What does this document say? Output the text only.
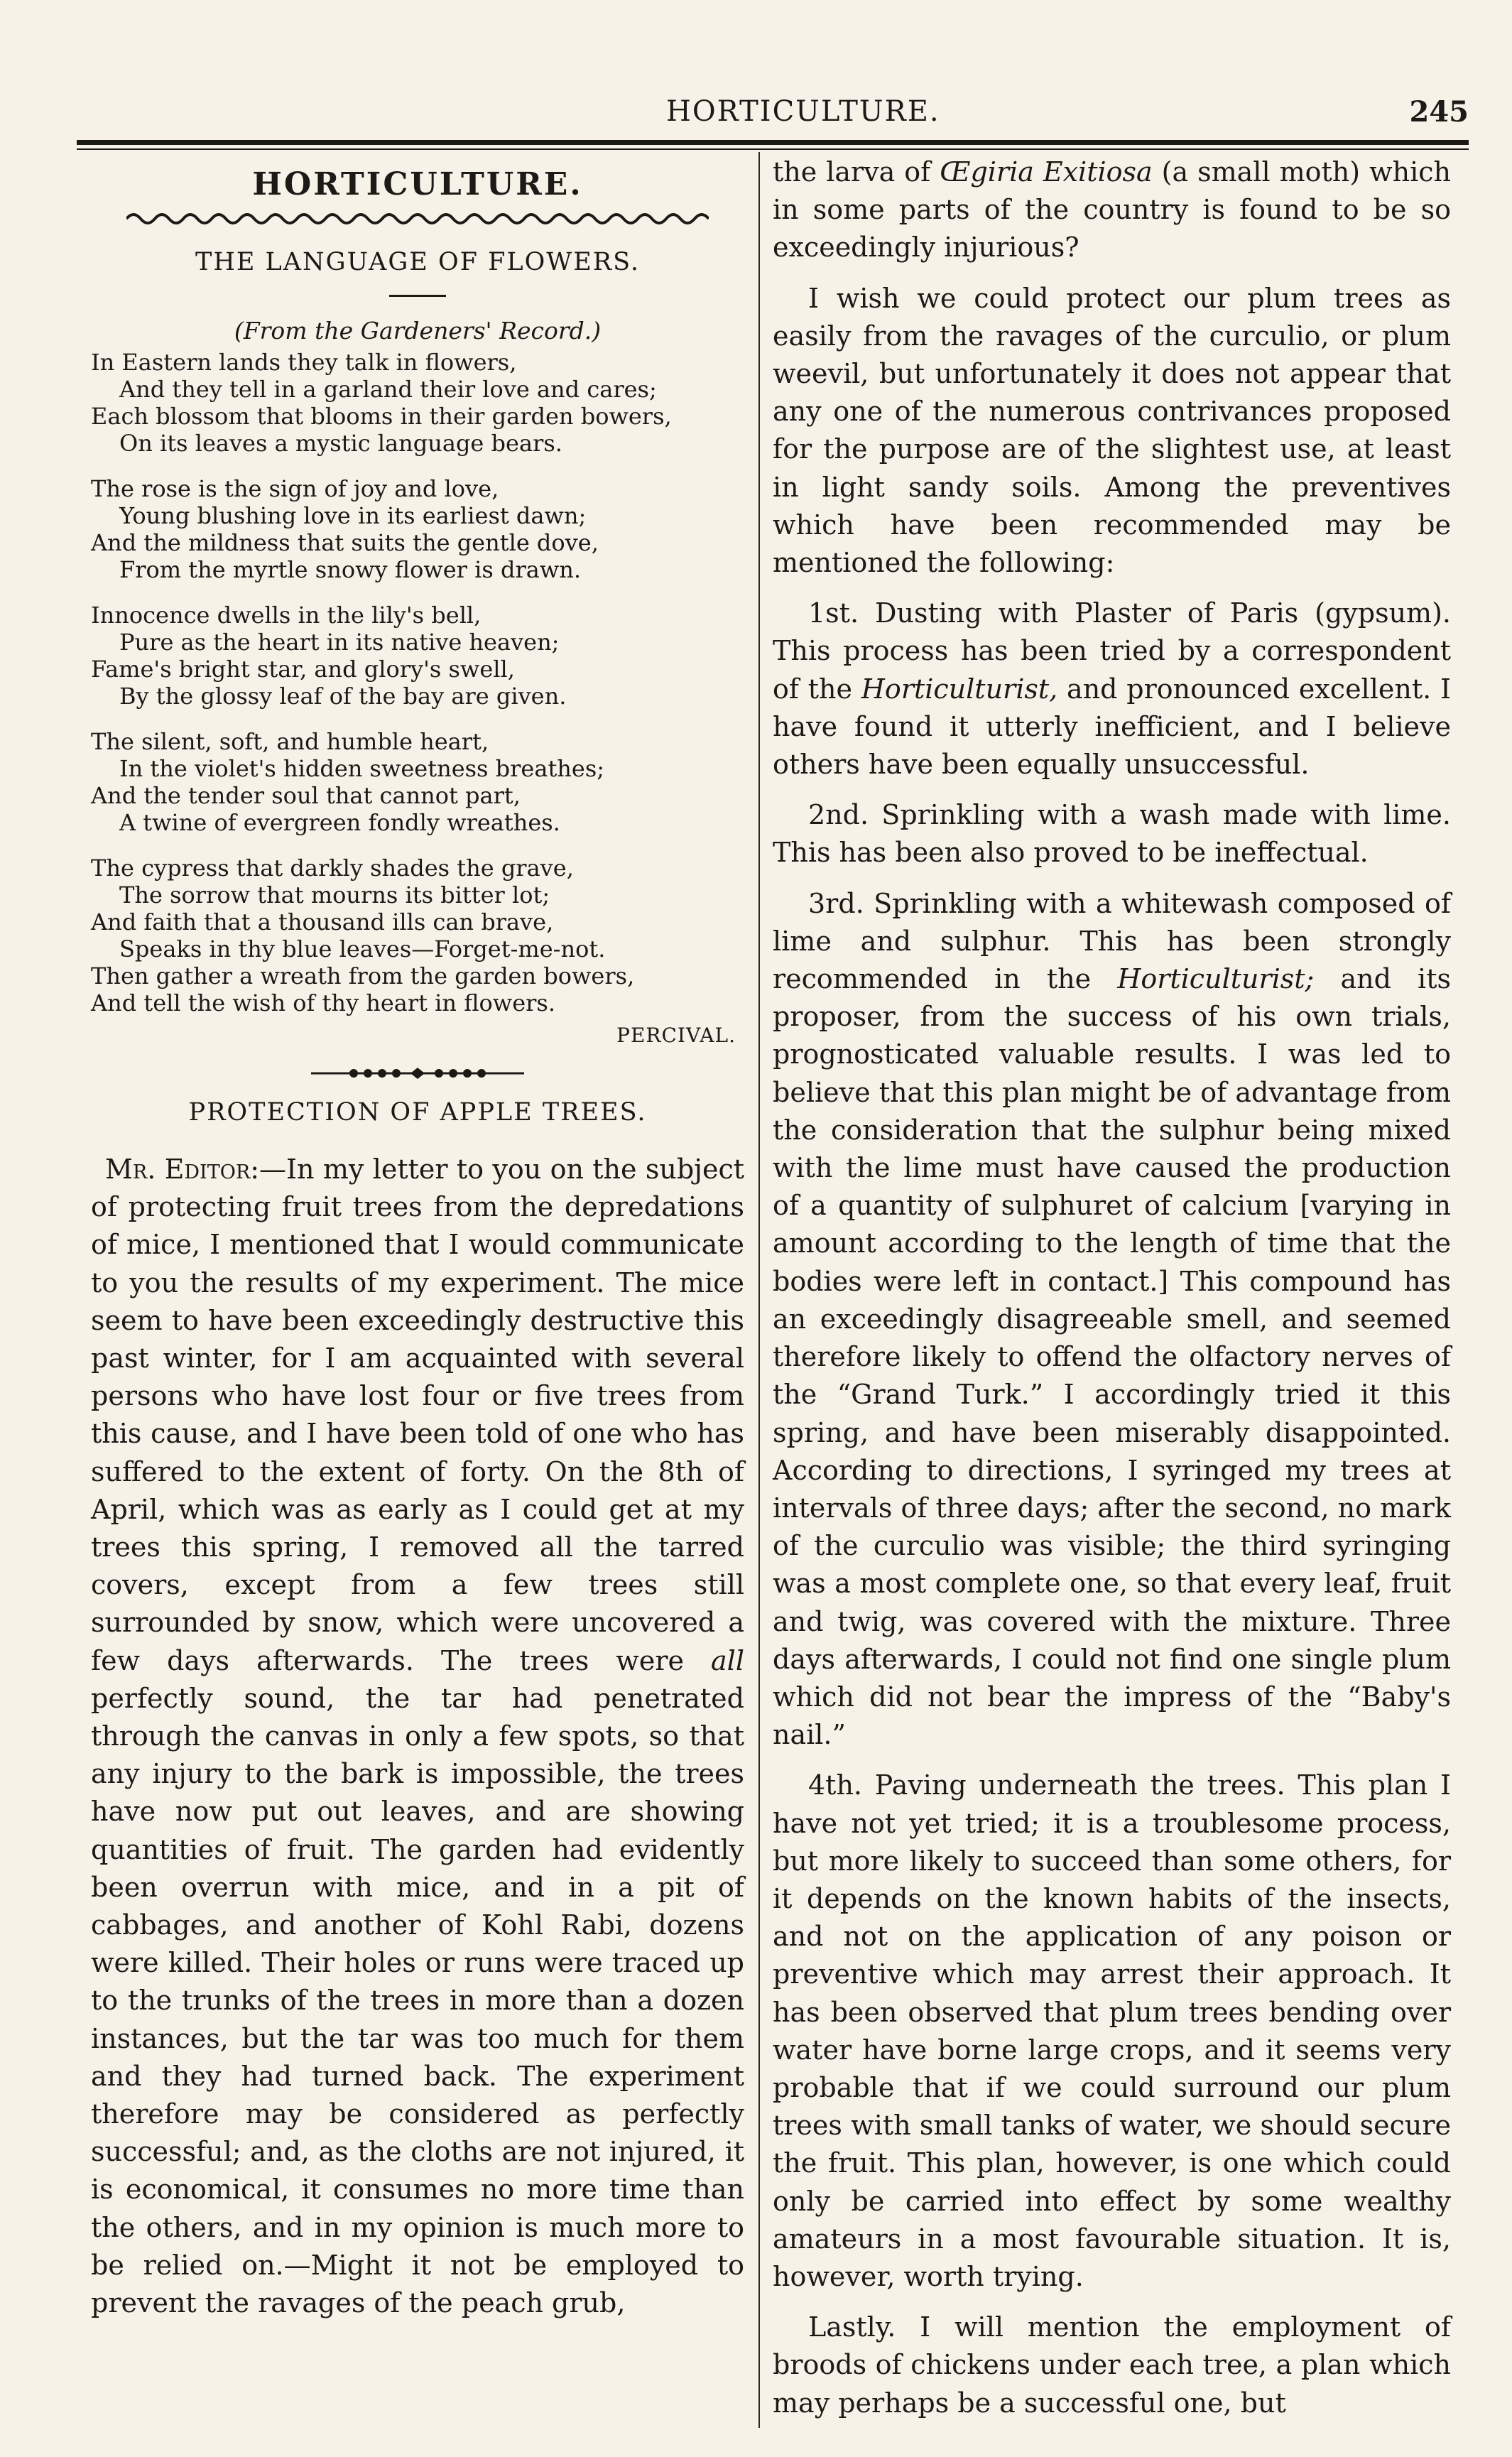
HORTICULTURE.	245
HORTICULTURE.
THE LANGUAGE OF FLOWERS.
(From the Gardeners' Record.)
In Eastern lands they talk in flowers,
And they tell in a garland their love and cares;
Each blossom that blooms in their garden bowers,
On its leaves a mystic language bears.
The rose is the sign of joy and love,
Young blushing love in its earliest dawn;
And the mildness that suits the gentle dove,
From the myrtle snowy flower is drawn.
Innocence dwells in the lily's bell,
Pure as the heart in its native heaven;
Fame's bright star, and glory's swell,
By the glossy leaf of the bay are given.
The silent, soft, and humble heart,
In the violet's hidden sweetness breathes;
And the tender soul that cannot part,
A twine of evergreen fondly wreathes.
The cypress that darkly shades the grave,
The sorrow that mourns its bitter lot;
And faith that a thousand ills can brave,
Speaks in thy blue leaves—Forget-me-not.
Then gather a wreath from the garden bowers,
And tell the wish of thy heart in flowers.
PERCIVAL.
PROTECTION OF APPLE TREES.

Mr. Editor:—In my letter to you on the subject of protecting fruit trees from the depredations of mice, I mentioned that I would communicate to you the results of my experiment. The mice seem to have been exceedingly destructive this past winter, for I am acquainted with several persons who have lost four or five trees from this cause, and I have been told of one who has suffered to the extent of forty. On the 8th of April, which was as early as I could get at my trees this spring, I removed all the tarred covers, except from a few trees still surrounded by snow, which were uncovered a few days afterwards. The trees were all perfectly sound, the tar had penetrated through the canvas in only a few spots, so that any injury to the bark is impossible, the trees have now put out leaves, and are showing quantities of fruit. The garden had evidently been overrun with mice, and in a pit of cabbages, and another of Kohl Rabi, dozens were killed. Their holes or runs were traced up to the trunks of the trees in more than a dozen instances, but the tar was too much for them and they had turned back. The experiment therefore may be considered as perfectly successful; and, as the cloths are not injured, it is economical, it consumes no more time than the others, and in my opinion is much more to be relied on.—Might it not be employed to prevent the ravages of the peach grub,

the larva of Œgiria Exitiosa (a small moth) which in some parts of the country is found to be so exceedingly injurious?

I wish we could protect our plum trees as easily from the ravages of the curculio, or plum weevil, but unfortunately it does not appear that any one of the numerous contrivances proposed for the purpose are of the slightest use, at least in light sandy soils. Among the preventives which have been recommended may be mentioned the following:

1st. Dusting with Plaster of Paris (gypsum). This process has been tried by a correspondent of the Horticulturist, and pronounced excellent. I have found it utterly inefficient, and I believe others have been equally unsuccessful.

2nd. Sprinkling with a wash made with lime. This has been also proved to be ineffectual.

3rd. Sprinkling with a whitewash composed of lime and sulphur. This has been strongly recommended in the Horticulturist; and its proposer, from the success of his own trials, prognosticated valuable results. I was led to believe that this plan might be of advantage from the consideration that the sulphur being mixed with the lime must have caused the production of a quantity of sulphuret of calcium [varying in amount according to the length of time that the bodies were left in contact.] This compound has an exceedingly disagreeable smell, and seemed therefore likely to offend the olfactory nerves of the “Grand Turk.” I accordingly tried it this spring, and have been miserably disappointed. According to directions, I syringed my trees at intervals of three days; after the second, no mark of the curculio was visible; the third syringing was a most complete one, so that every leaf, fruit and twig, was covered with the mixture. Three days afterwards, I could not find one single plum which did not bear the impress of the “Baby's nail.”

4th. Paving underneath the trees. This plan I have not yet tried; it is a troublesome process, but more likely to succeed than some others, for it depends on the known habits of the insects, and not on the application of any poison or preventive which may arrest their approach. It has been observed that plum trees bending over water have borne large crops, and it seems very probable that if we could surround our plum trees with small tanks of water, we should secure the fruit. This plan, however, is one which could only be carried into effect by some wealthy amateurs in a most favourable situation. It is, however, worth trying.

Lastly. I will mention the employment of broods of chickens under each tree, a plan which may perhaps be a successful one, but
